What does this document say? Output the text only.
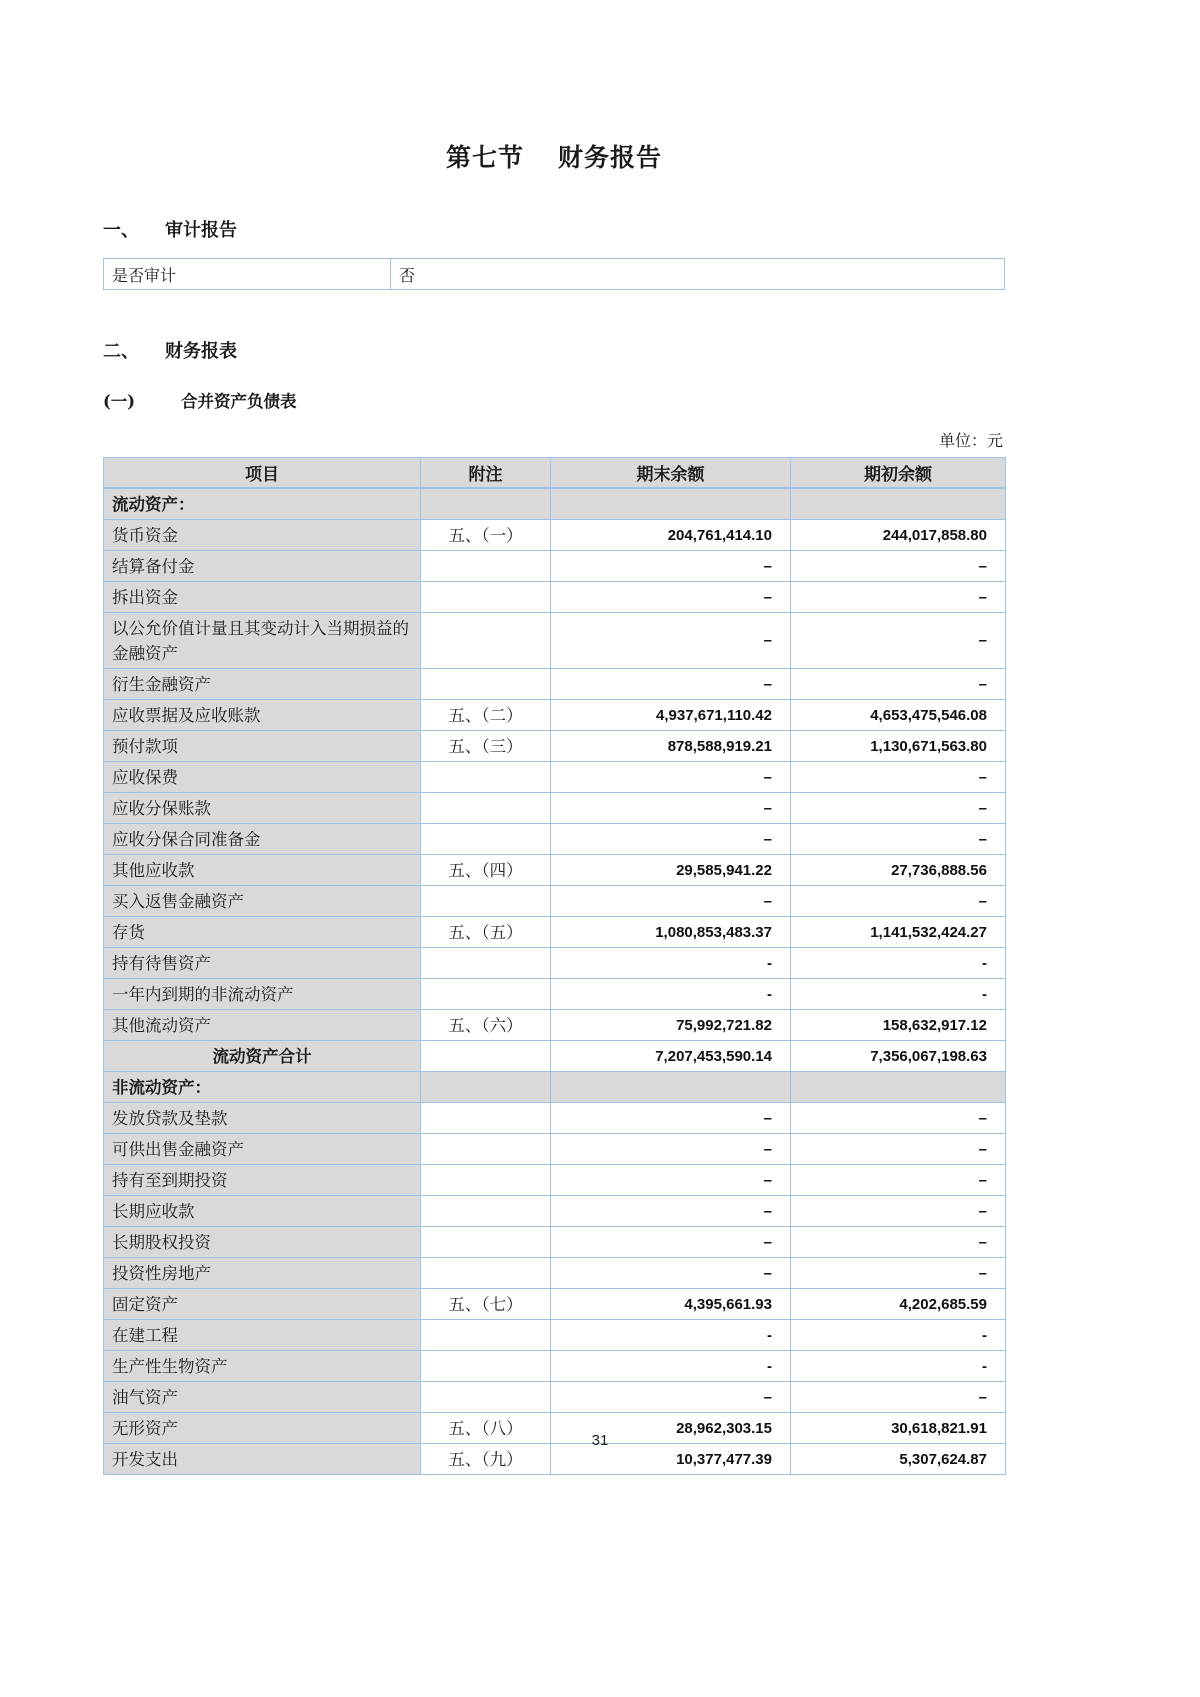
第七节 财务报告
一、 审计报告
是否审计	否
二、 财务报表
(一)	合并资产负债表
单位：元
项目	附注	期末余额	期初余额
流动资产：			
货币资金	五、（一）	204,761,414.10	244,017,858.80
结算备付金		–	–
拆出资金		–	–
以公允价值计量且其变动计入当期损益的金融资产		–	–
衍生金融资产		–	–
应收票据及应收账款	五、（二）	4,937,671,110.42	4,653,475,546.08
预付款项	五、（三）	878,588,919.21	1,130,671,563.80
应收保费		–	–
应收分保账款		–	–
应收分保合同准备金		–	–
其他应收款	五、（四）	29,585,941.22	27,736,888.56
买入返售金融资产		–	–
存货	五、（五）	1,080,853,483.37	1,141,532,424.27
持有待售资产		-	-
一年内到期的非流动资产		-	-
其他流动资产	五、（六）	75,992,721.82	158,632,917.12
流动资产合计		7,207,453,590.14	7,356,067,198.63
非流动资产：			
发放贷款及垫款		–	–
可供出售金融资产		–	–
持有至到期投资		–	–
长期应收款		–	–
长期股权投资		–	–
投资性房地产		–	–
固定资产	五、（七）	4,395,661.93	4,202,685.59
在建工程		-	-
生产性生物资产		-	-
油气资产		–	–
无形资产	五、（八）	28,962,303.15	30,618,821.91
开发支出	五、（九）	10,377,477.39	5,307,624.87
31
